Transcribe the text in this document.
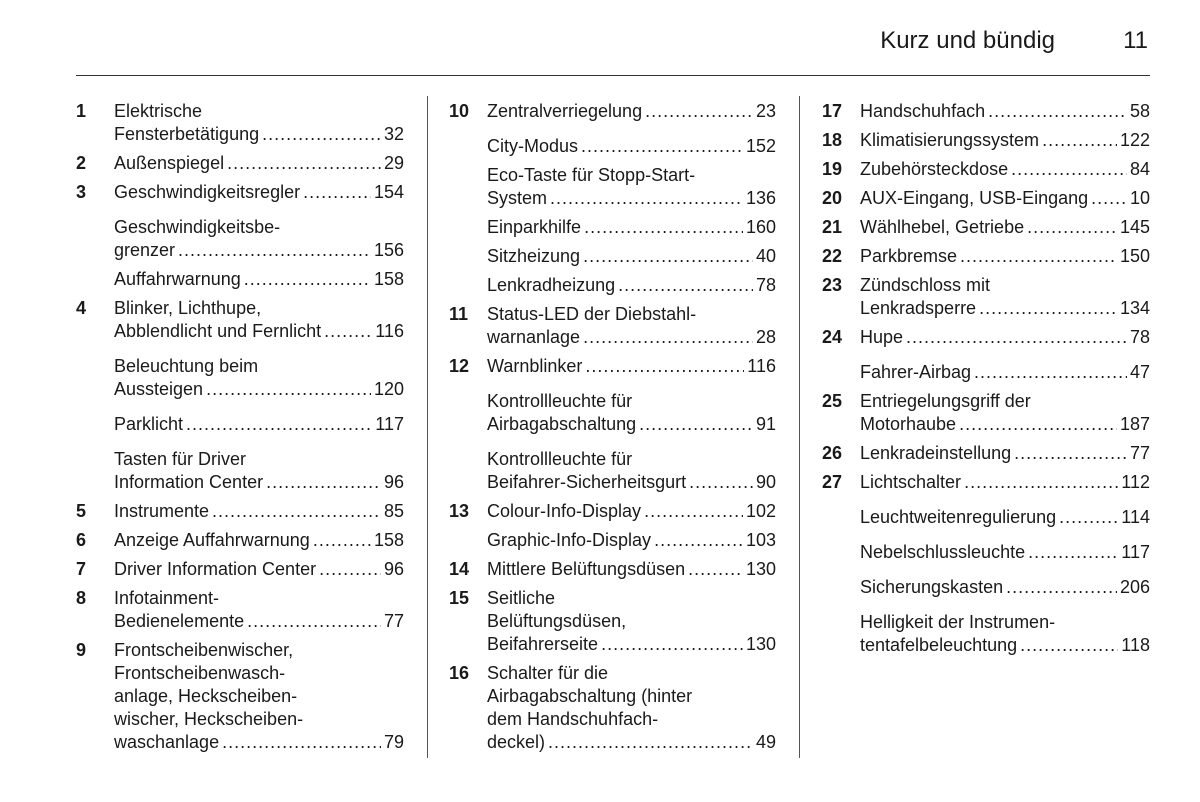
Kurz und bündig	11
1	Elektrische
Fensterbetätigung .....	32
2	Außenspiegel .....	29
3	Geschwindigkeitsregler .....	154
Geschwindigkeitsbe-
grenzer .....	156
Auffahrwarnung .....	158
4	Blinker, Lichthupe,
Abblendlicht und Fernlicht .....	116
Beleuchtung beim
Aussteigen .....	120
Parklicht .....	117
Tasten für Driver
Information Center .....	96
5	Instrumente .....	85
6	Anzeige Auffahrwarnung .....	158
7	Driver Information Center .....	96
8	Infotainment-
Bedienelemente .....	77
9	Frontscheibenwischer,
Frontscheibenwasch-
anlage, Heckscheiben-
wischer, Heckscheiben-
waschanlage .....	79
10 Zentralverriegelung .....	23
City-Modus .....	152
Eco-Taste für Stopp-Start-
System .....	136
Einparkhilfe .....	160
Sitzheizung .....	40
Lenkradheizung .....	78
11	Status-LED der Diebstahl-
warnanlage .....	28
12 Warnblinker .....	116
Kontrollleuchte für
Airbagabschaltung .....	91
Kontrollleuchte für
Beifahrer-Sicherheitsgurt .....	90
13 Colour-Info-Display .....	102
Graphic-Info-Display .....	103
14 Mittlere Belüftungsdüsen .....	130
15 Seitliche
Belüftungsdüsen,
Beifahrerseite .....	130
16 Schalter für die
Airbagabschaltung (hinter
dem Handschuhfach-
deckel) .....	49
17 Handschuhfach .....	58
18 Klimatisierungssystem .....	122
19 Zubehörsteckdose .....	84
20 AUX-Eingang, USB-Eingang ..... 10
21 Wählhebel, Getriebe .....	145
22 Parkbremse .....	150
23 Zündschloss mit
Lenkradsperre .....	134
24 Hupe .....	78
Fahrer-Airbag .....	47
25 Entriegelungsgriff der
Motorhaube .....	187
26 Lenkradeinstellung .....	77
27 Lichtschalter .....	112
Leuchtweitenregulierung .....	114
Nebelschlussleuchte .....	117
Sicherungskasten .....	206
Helligkeit der Instrumen-
tentafelbeleuchtung .....	118
